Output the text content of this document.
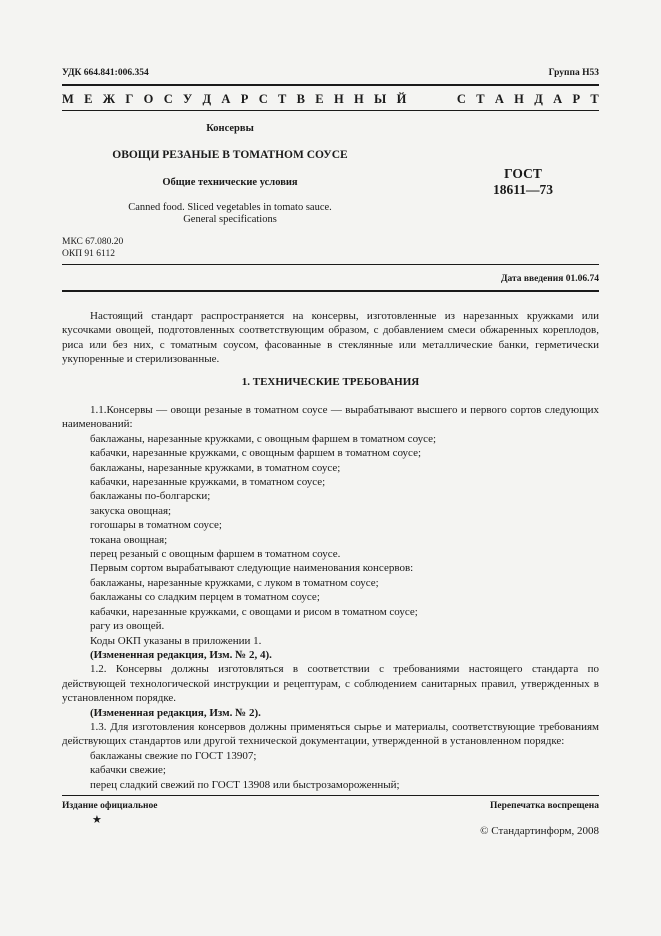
УДК 664.841:006.354	Группа Н53
М Е Ж Г О С У Д А Р С Т В Е Н Н Ы Й

	С Т А Н Д А Р Т
Консервы
ОВОЩИ РЕЗАНЫЕ В ТОМАТНОМ СОУСЕ
Общие технические условия
Canned food. Sliced vegetables in tomato sauce.
General specifications
ГОСТ
18611—73
МКС 67.080.20
ОКП 91 6112
Дата введения 01.06.74

Настоящий стандарт распространяется на консервы, изготовленные из нарезанных кружками или кусочками овощей, подготовленных соответствующим образом, с добавлением смеси обжаренных кореплодов, риса или без них, с томатным соусом, фасованные в стеклянные или металлические банки, герметически укупоренные и стерилизованные.

1. ТЕХНИЧЕСКИЕ ТРЕБОВАНИЯ

1.1.Консервы — овощи резаные в томатном соусе — вырабатывают высшего и первого сортов следующих наименований:

баклажаны, нарезанные кружками, с овощным фаршем в томатном соусе;

кабачки, нарезанные кружками, с овощным фаршем в томатном соусе;

баклажаны, нарезанные кружками, в томатном соусе;

кабачки, нарезанные кружками, в томатном соусе;

баклажаны по-болгарски;

закуска овощная;

гогошары в томатном соусе;

токана овощная;

перец резаный с овощным фаршем в томатном соусе.

Первым сортом вырабатывают следующие наименования консервов:

баклажаны, нарезанные кружками, с луком в томатном соусе;

баклажаны со сладким перцем в томатном соусе;

кабачки, нарезанные кружками, с овощами и рисом в томатном соусе;

рагу из овощей.

Коды ОКП указаны в приложении 1.

(Измененная редакция, Изм. № 2, 4).

1.2. Консервы должны изготовляться в соответствии с требованиями настоящего стандарта по действующей технологической инструкции и рецептурам, с соблюдением санитарных правил, утвержденных в установленном порядке.

(Измененная редакция, Изм. № 2).

1.3. Для изготовления консервов должны применяться сырье и материалы, соответствующие требованиям действующих стандартов или другой технической документации, утвержденной в установленном порядке:

баклажаны свежие по ГОСТ 13907;

кабачки свежие;

перец сладкий свежий по ГОСТ 13908 или быстрозамороженный;

Издание официальное
★
Перепечатка воспрещена
© Стандартинформ, 2008
